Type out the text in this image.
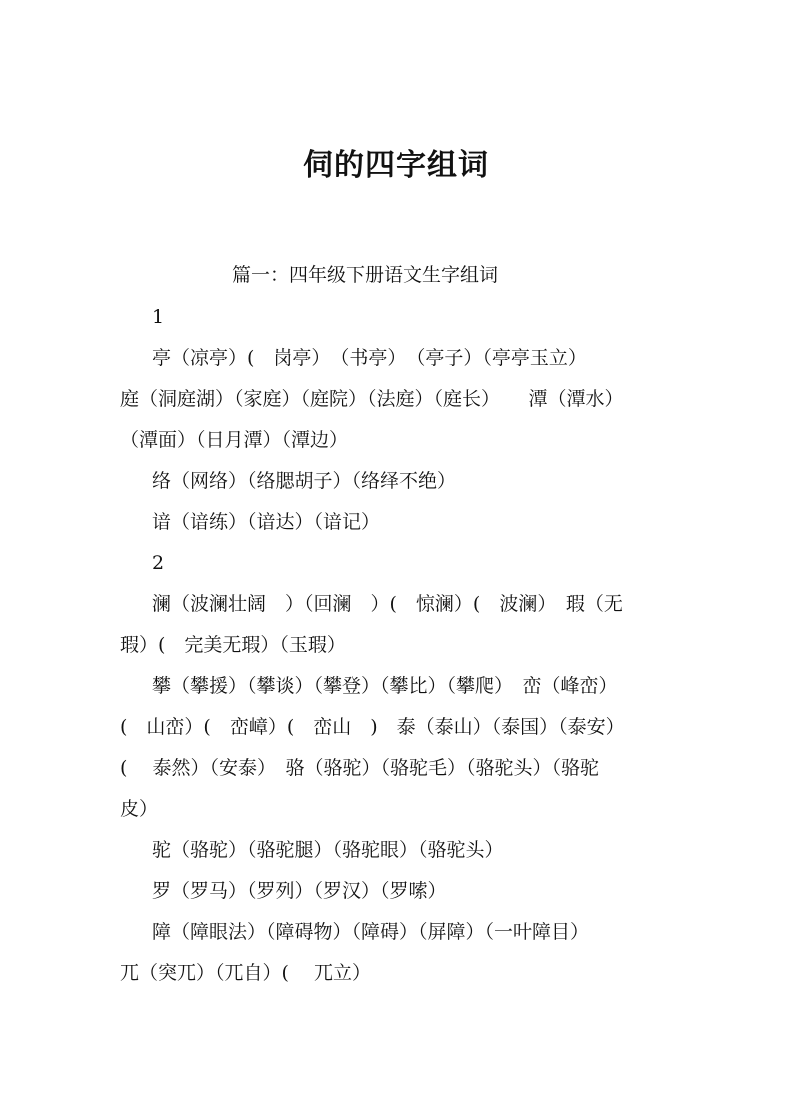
伺的四字组词
篇一：四年级下册语文生字组词

1

亭（凉亭）(　岗亭）　（书亭）　（亭子）（亭亭玉立）

庭（洞庭湖）（家庭）（庭院）（法庭）（庭长）　　潭（潭水）

（潭面）（日月潭）（潭边）

络（网络）（络腮胡子）（络绎不绝）

谙（谙练）（谙达）（谙记）

2

澜（波澜壮阔　）（回澜　）(　惊澜）(　波澜）　瑕（无

瑕）(　完美无瑕）（玉瑕）

攀（攀援）（攀谈）（攀登）（攀比）（攀爬）　峦（峰峦）

(　山峦）(　峦嶂）(　峦山　)　泰（泰山）（泰国）（泰安）

(　 泰然）（安泰）　骆（骆驼）（骆驼毛）（骆驼头）（骆驼

皮）

驼（骆驼）（骆驼腿）（骆驼眼）（骆驼头）

罗（罗马）（罗列）（罗汉）（罗嗦）

障（障眼法）（障碍物）（障碍）（屏障）（一叶障目）

兀（突兀）（兀自）(　 兀立）
